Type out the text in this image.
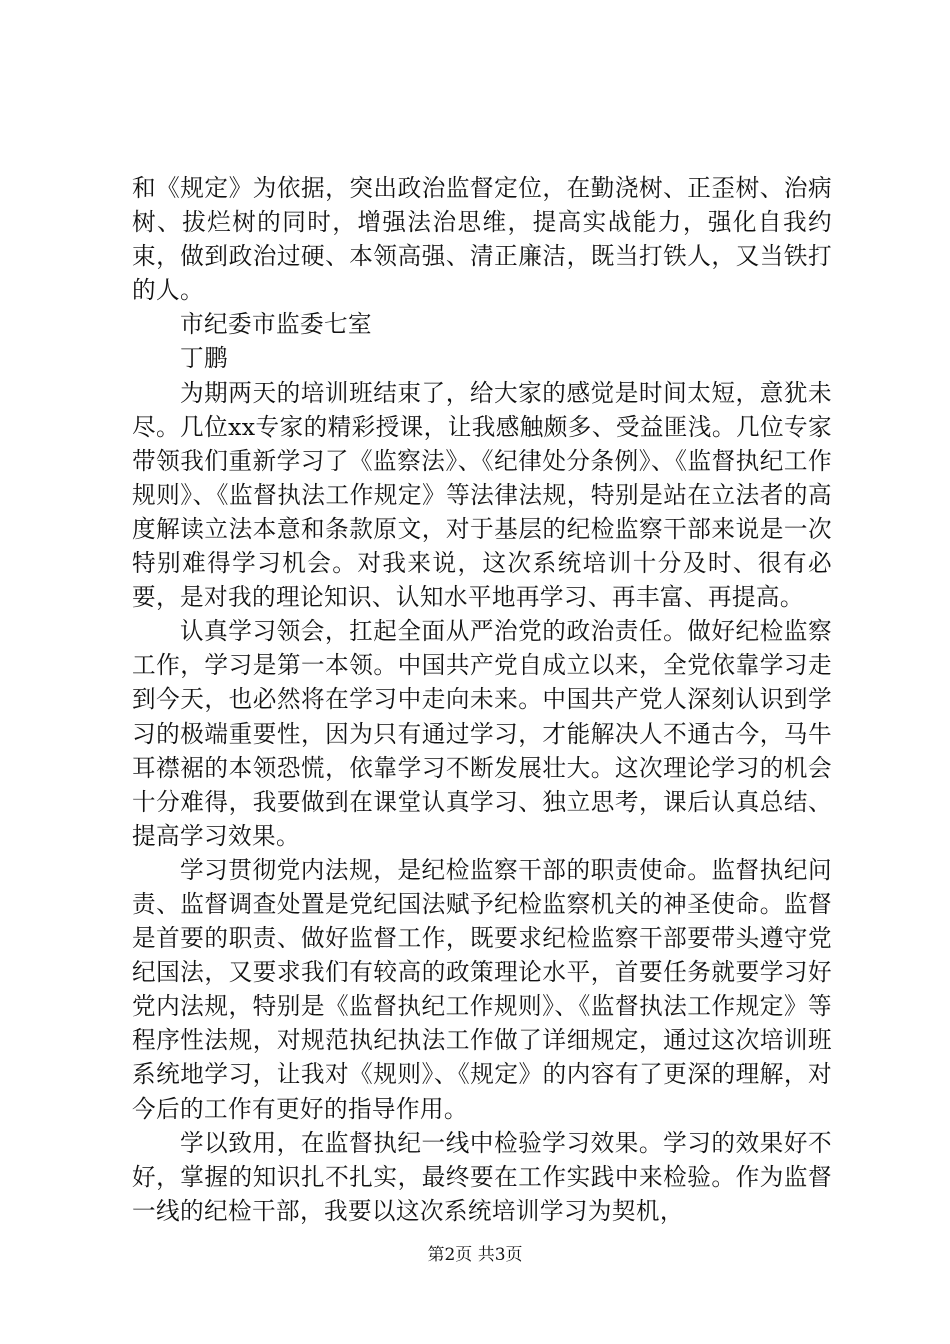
和《规定》为依据，突出政治监督定位，在勤浇树、正歪树、治病树、拔烂树的同时，增强法治思维，提高实战能力，强化自我约束，做到政治过硬、本领高强、清正廉洁，既当打铁人，又当铁打的人。

市纪委市监委七室

丁鹏

为期两天的培训班结束了，给大家的感觉是时间太短，意犹未尽。几位xx专家的精彩授课，让我感触颇多、受益匪浅。几位专家带领我们重新学习了《监察法》、《纪律处分条例》、《监督执纪工作规则》、《监督执法工作规定》等法律法规，特别是站在立法者的高度解读立法本意和条款原文，对于基层的纪检监察干部来说是一次特别难得学习机会。对我来说，这次系统培训十分及时、很有必要，是对我的理论知识、认知水平地再学习、再丰富、再提高。

认真学习领会，扛起全面从严治党的政治责任。做好纪检监察工作，学习是第一本领。中国共产党自成立以来，全党依靠学习走到今天，也必然将在学习中走向未来。中国共产党人深刻认识到学习的极端重要性，因为只有通过学习，才能解决人不通古今，马牛耳襟裾的本领恐慌，依靠学习不断发展壮大。这次理论学习的机会十分难得，我要做到在课堂认真学习、独立思考，课后认真总结、提高学习效果。

学习贯彻党内法规，是纪检监察干部的职责使命。监督执纪问责、监督调查处置是党纪国法赋予纪检监察机关的神圣使命。监督是首要的职责、做好监督工作，既要求纪检监察干部要带头遵守党纪国法，又要求我们有较高的政策理论水平，首要任务就要学习好党内法规，特别是《监督执纪工作规则》、《监督执法工作规定》等程序性法规，对规范执纪执法工作做了详细规定，通过这次培训班系统地学习，让我对《规则》、《规定》的内容有了更深的理解，对今后的工作有更好的指导作用。

学以致用，在监督执纪一线中检验学习效果。学习的效果好不好，掌握的知识扎不扎实，最终要在工作实践中来检验。作为监督一线的纪检干部，我要以这次系统培训学习为契机，

第2页 共3页
